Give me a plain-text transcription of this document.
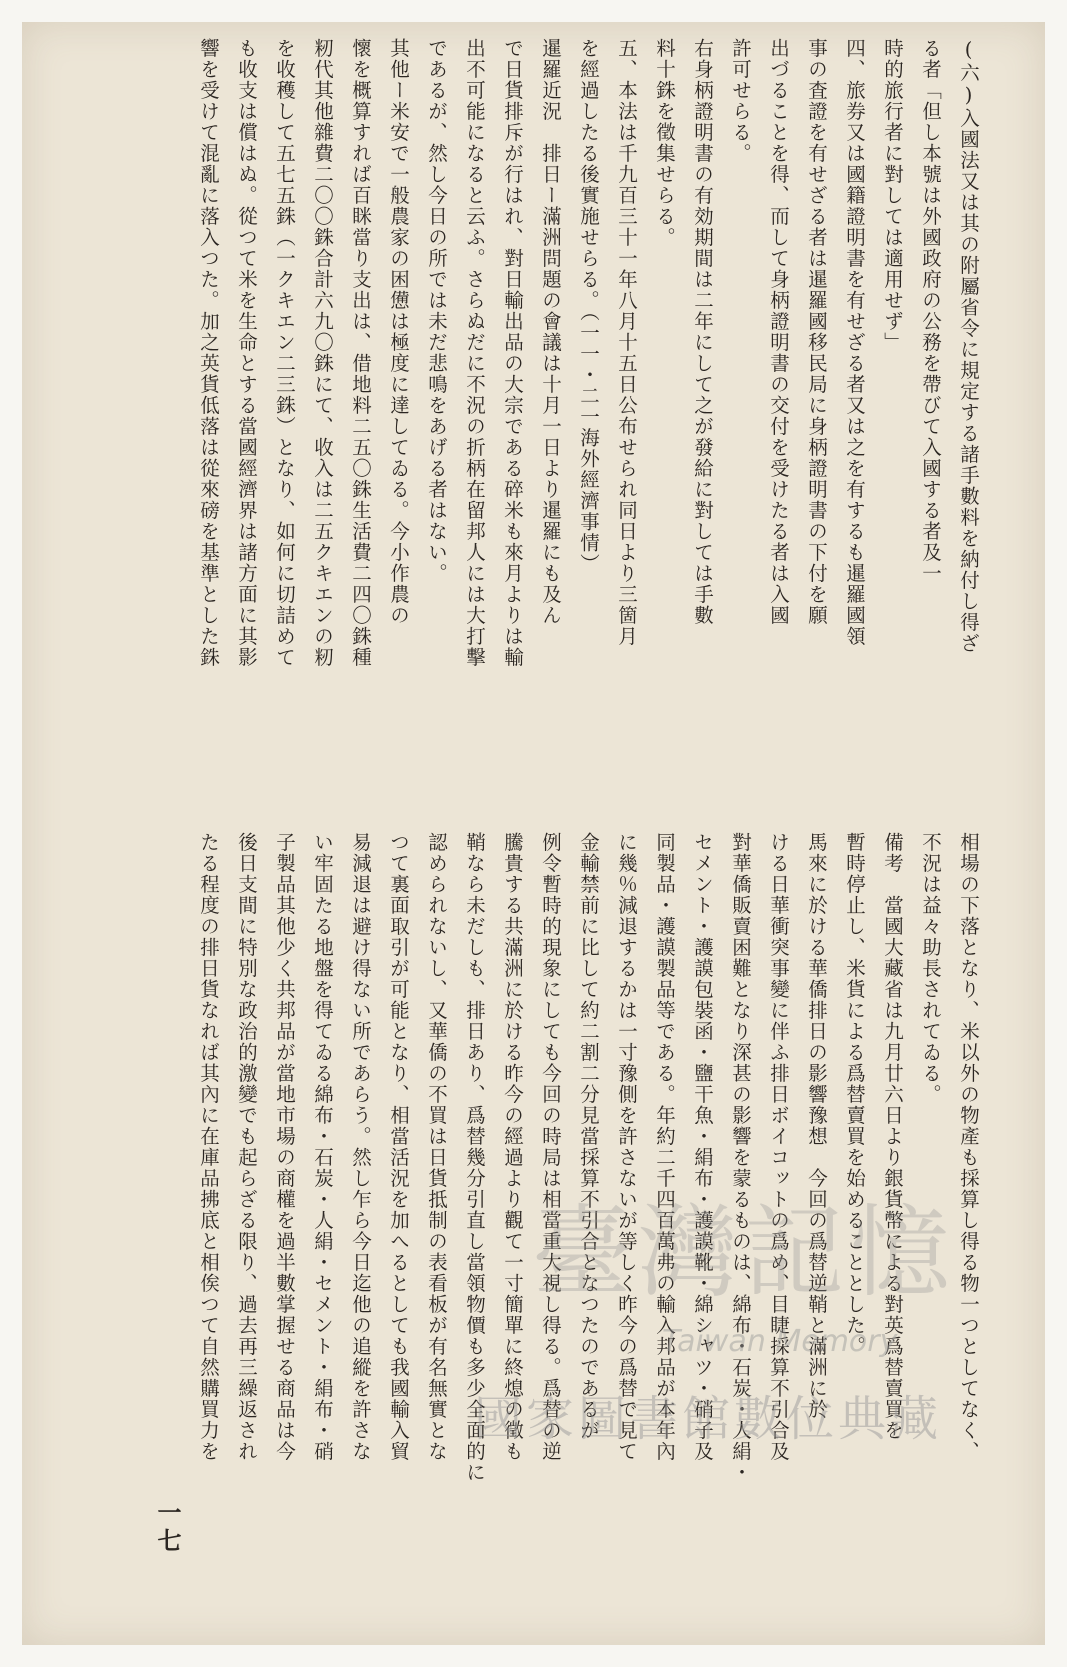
(六)入國法又は其の附屬省令に規定する諸手數料を納付し得ざ
る者「但し本號は外國政府の公務を帶びて入國する者及一
時的旅行者に對しては適用せず」
四、旅券又は國籍證明書を有せざる者又は之を有するも暹羅國領
事の査證を有せざる者は暹羅國移民局に身柄證明書の下付を願
出づることを得、而して身柄證明書の交付を受けたる者は入國
許可せらる。
右身柄證明書の有効期間は二年にして之が發給に對しては手數
料十銖を徵集せらる。
五、本法は千九百三十一年八月十五日公布せられ同日より三箇月
を經過したる後實施せらる。（一一・二一海外經濟事情）
暹羅近況　排日ー滿洲問題の會議は十月一日より暹羅にも及ん
で日貨排斥が行はれ、對日輸出品の大宗である碎米も來月よりは輸
出不可能になると云ふ。さらぬだに不況の折柄在留邦人には大打擊
であるが、然し今日の所では未だ悲鳴をあげる者はない。
其他ー米安で一般農家の困憊は極度に達してゐる。今小作農の
懷を概算すれば百眯當り支出は、借地料二五〇銖生活費二四〇銖種
籾代其他雜費二〇〇銖合計六九〇銖にて、收入は二五クキエンの籾
を收穫して五七五銖（一クキエン二三銖）となり、如何に切詰めて
も收支は償はぬ。從つて米を生命とする當國經濟界は諸方面に其影
響を受けて混亂に落入つた。加之英貨低落は從來磅を基準とした銖
相場の下落となり、米以外の物產も採算し得る物一つとしてなく、
不況は益々助長されてゐる。
備考　當國大藏省は九月廿六日より銀貨幣による對英爲替賣買を
暫時停止し、米貨による爲替賣買を始めることとした。
馬來に於ける華僑排日の影響豫想　今回の爲替逆鞘と滿洲に於
ける日華衝突事變に伴ふ排日ボイコットの爲め、目睫採算不引合及
對華僑販賣困難となり深甚の影響を蒙るものは、綿布・石炭・人絹・
セメント・護謨包裝函・鹽干魚・絹布・護謨靴・綿シャツ・硝子及
同製品・護謨製品等である。年約二千四百萬弗の輸入邦品が本年內
に幾％減退するかは一寸豫側を許さないが等しく昨今の爲替で見て
金輸禁前に比して約二割二分見當採算不引合となつたのであるが
例令暫時的現象にしても今回の時局は相當重大視し得る。爲替の逆
騰貴する共滿洲に於ける昨今の經過より觀て一寸簡單に終熄の徵も
鞘なら未だしも、排日あり、爲替幾分引直し當領物價も多少全面的に
認められないし、又華僑の不買は日貨抵制の表看板が有名無實とな
つて裏面取引が可能となり、相當活況を加へるとしても我國輸入貿
易減退は避け得ない所であらう。然し乍ら今日迄他の追縱を許さな
い牢固たる地盤を得てゐる綿布・石炭・人絹・セメント・絹布・硝
子製品其他少く共邦品が當地市場の商權を過半數掌握せる商品は今
後日支間に特別な政治的激變でも起らざる限り、過去再三繰返され
たる程度の排日貨なれば其內に在庫品拂底と相俟つて自然購買力を
一七
臺灣記憶
Taiwan Memory
國家圖書館數位典藏
